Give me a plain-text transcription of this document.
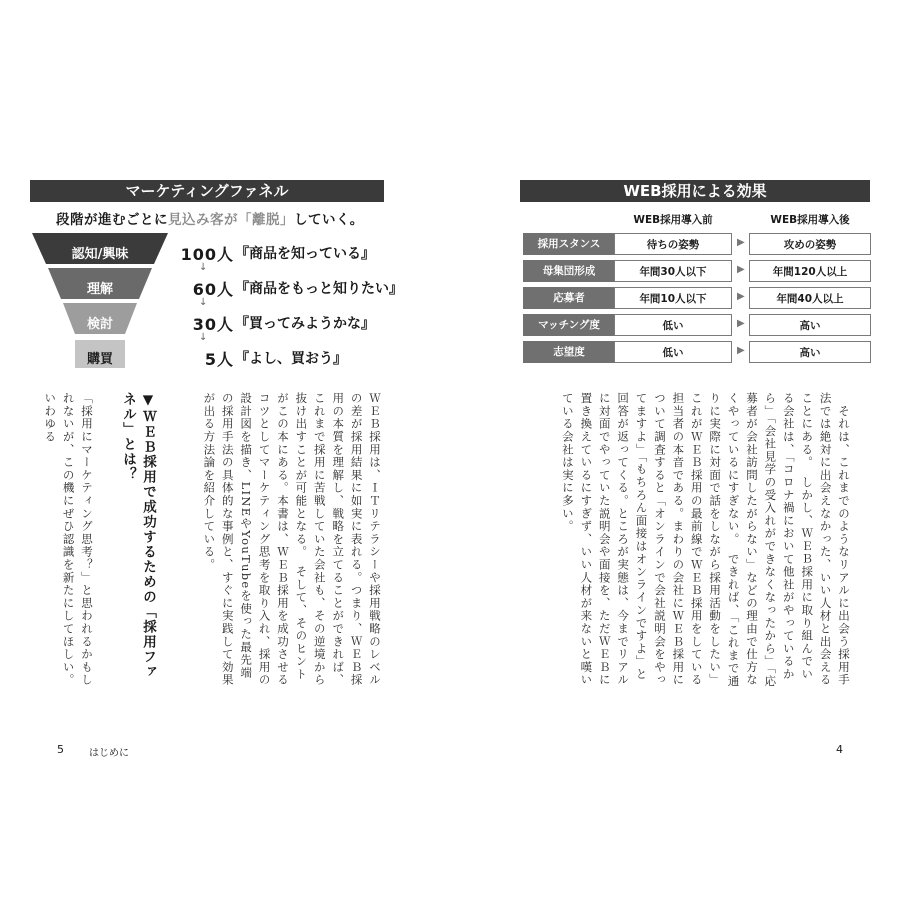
マーケティングファネル
段階が進むごとに見込み客が「離脱」していく。
認知/興味
理解
検討
購買
100人 『商品を知っている』
↓
60人 『商品をもっと知りたい』
↓
30人 『買ってみようかな』
↓
5人 『よし、買おう』
ＷＥＢ採用は、ＩＴリテラシーや採用戦略のレベルの差が採用結果に如実に表れる。つまり、ＷＥＢ採用の本質を理解し、戦略を立てることができれば、これまで採用に苦戦していた会社も、その逆境から抜け出すことが可能となる。　そして、そのヒントがこの本にある。本書は、ＷＥＢ採用を成功させるコツとしてマーケティング思考を取り入れ、採用の設計図を描き、LINEやYouTubeを使った最先端の採用手法の具体的な事例と、すぐに実践して効果が出る方法論を紹介している。
▼ＷＥＢ採用で成功するための「採用ファネル」とは？
「採用にマーケティング思考？」と思われるかもしれないが、この機にぜひ認識を新たにしてほしい。いわゆる
5	はじめに
WEB採用による効果
WEB採用導入前	WEB採用導入後
採用スタンス	待ちの姿勢	▶	攻めの姿勢
母集団形成	年間30人以下	▶	年間120人以上
応募者	年間10人以下	▶	年間40人以上
マッチング度	低い	▶	高い
志望度	低い	▶	高い
　それは、これまでのようなリアルに出会う採用手法では絶対に出会えなかった、いい人材と出会えることにある。　しかし、ＷＥＢ採用に取り組んでいる会社は、「コロナ禍において他社がやっているから」「会社見学の受入れができなくなったから」「応募者が会社訪問したがらない」などの理由で仕方なくやっているにすぎない。　できれば、「これまで通りに実際に対面で話をしながら採用活動をしたい」これがＷＥＢ採用の最前線でＷＥＢ採用をしている担当者の本音である。まわりの会社にＷＥＢ採用について調査すると「オンラインで会社説明会をやってますよ」「もちろん面接はオンラインですよ」と回答が返ってくる。ところが実態は、今までリアルに対面でやっていた説明会や面接を、ただＷＥＢに置き換えているにすぎず、いい人材が来ないと嘆いている会社は実に多い。
4
